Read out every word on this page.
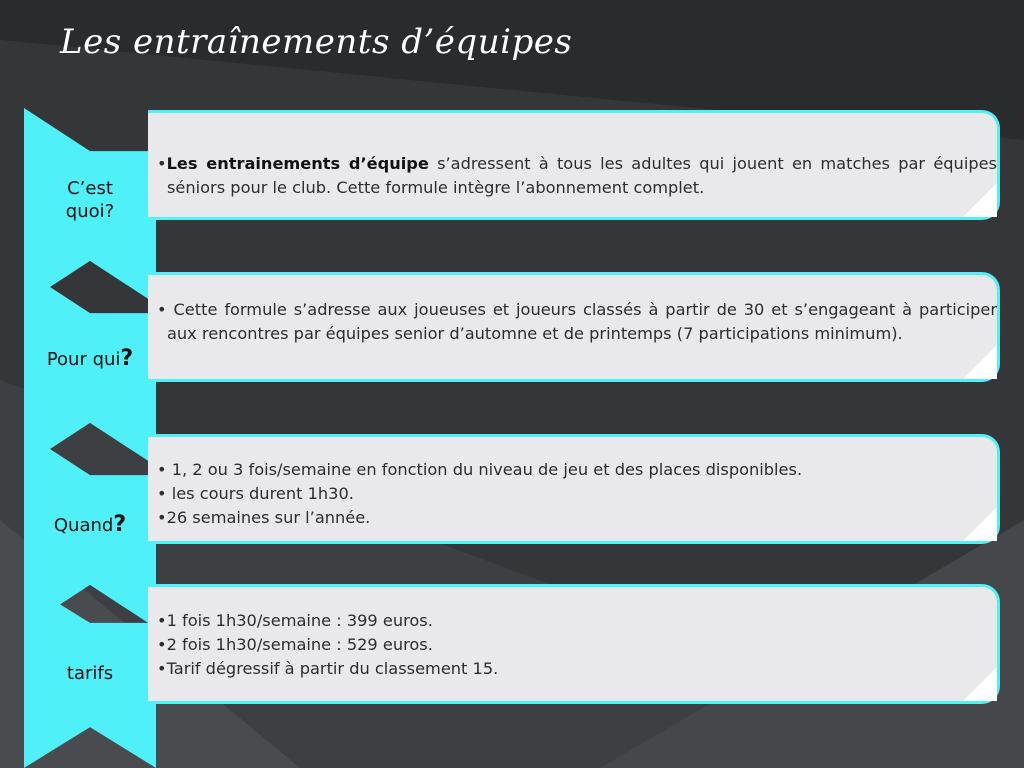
Les entraînements d’équipes
C’est
quoi?

•Les entrainements d’équipe s’adressent à tous les adultes qui jouent en matches par équipes séniors pour le club. Cette formule intègre l’abonnement complet.

Pour qui?

• Cette formule s’adresse aux joueuses et joueurs classés à partir de 30 et s’engageant à participer aux rencontres par équipes senior d’automne et de printemps (7 participations minimum).

Quand?

• 1, 2 ou 3 fois/semaine en fonction du niveau de jeu et des places disponibles.

• les cours durent 1h30.

•26 semaines sur l’année.

tarifs

•1 fois 1h30/semaine : 399 euros.

•2 fois 1h30/semaine : 529 euros.

•Tarif dégressif à partir du classement 15.
